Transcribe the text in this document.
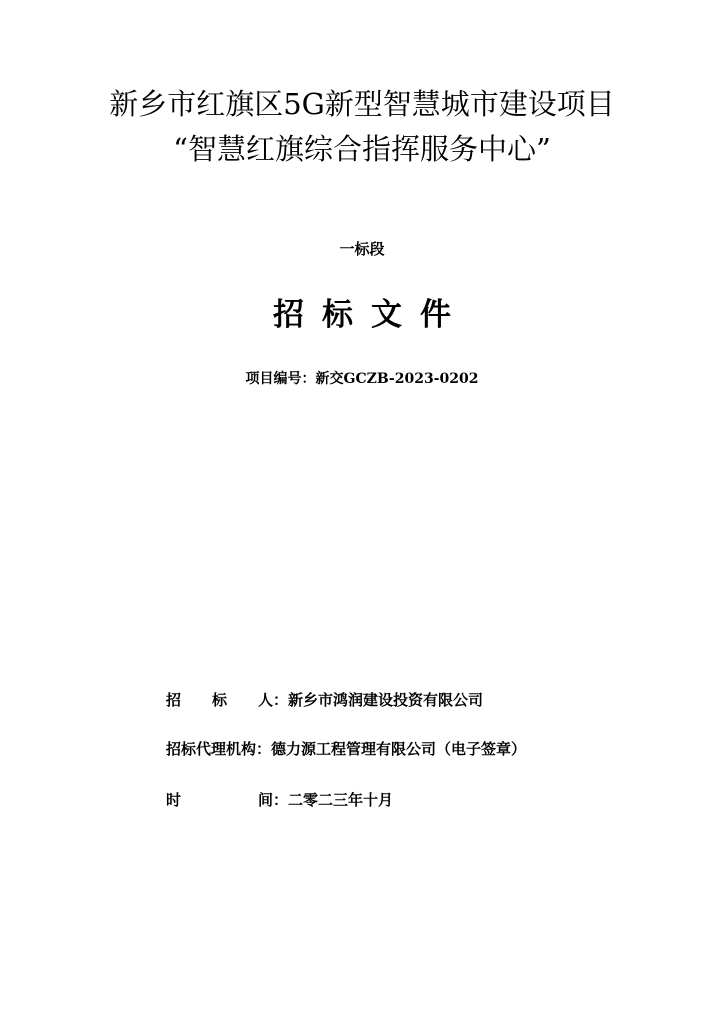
新乡市红旗区5G新型智慧城市建设项目
“智慧红旗综合指挥服务中心”
一标段
招标文件
项目编号：新交GCZB-2023-0202
招 标 人 ：新乡市鸿润建设投资有限公司
招标代理机构：德力源工程管理有限公司（电子签章）
时	间 ：二零二三年十月
